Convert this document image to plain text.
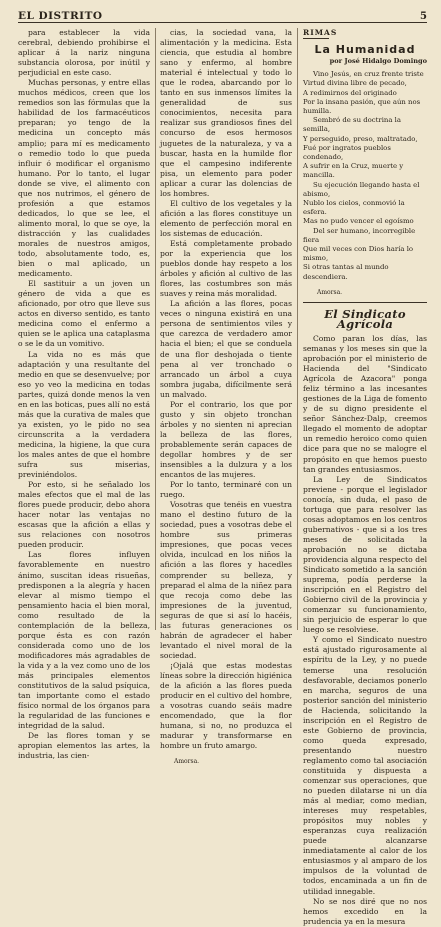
EL DISTRITO	5

para establecer la vida cerebral, debiendo prohibirse el aplicar á la nariz ninguna substancia olorosa, por inútil y perjudicial en este caso.

Muchas personas, y entre ellas muchos médicos, creen que los remedios son las fórmulas que la habilidad de los farmacéuticos preparan; yo tengo de la medicina un concepto más amplio; para mí es medicamento o remedio todo lo que pueda influir ó modificar el organismo humano. Por lo tanto, el lugar donde se vive, el alimento con que nos nutrimos, el género de profesión a que estamos dedicados, lo que se lee, el alimento moral, lo que se oye, la distracción y las cualidades morales de nuestros amigos, todo, absolutamente todo, es, bien o mal aplicado, un medicamento.

El sastituir a un joven un género de vida a que es aficionado, por otro que lleve sus actos en diverso sentido, es tanto medicina como el enfermo a quien se le aplica una cataplasma o se le da un vomitivo.

La vida no es más que adaptación y una resultante del medio en que se desenvuelve; por eso yo veo la medicina en todas partes, quizá donde menos la ven en en las boticas, pues allí no está más que la curativa de males que ya existen, yo le pido no sea circunscrita a la verdadera medicina, la higiene, la que cura los males antes de que el hombre sufra sus miserias, previniéndolos.

Por esto, si he señalado los males efectos que el mal de las flores puede producir, debo ahora hacer notar las ventajas no escasas que la afición a ellas y sus relaciones con nosotros pueden producir.

Las flores influyen favorablemente en nuestro ánimo, suscitan ideas risueñas, predisponen a la alegría y hacen elevar al mismo tiempo el pensamiento hacia el bien moral, como resultado de la contemplación de la belleza, porque ésta es con razón considerada como uno de los modificadores más agradables de la vida y a la vez como uno de los más principales elementos constitutivos de la salud psíquica, tan importante como el estado físico normal de los órganos para la regularidad de las funciones e integridad de la salud.

De las flores toman y se apropian elementos las artes, la industria, las cien-

cias, la sociedad vana, la alimentación y la medicina. Esta ciencia, que estudia al hombre sano y enfermo, al hombre material é intelectual y todo lo que le rodea, abarcando por lo tanto en sus inmensos límites la generalidad de sus conocimientos, necesita para realizar sus grandiosos fines del concurso de esos hermosos juguetes de la naturaleza, y va a buscar, hasta en la humilde flor que el campesino indiferente pisa, un elemento para poder aplicar a curar las dolencias de los hombres.

El cultivo de los vegetales y la afición a las flores constituye un elemento de perfección moral en los sistemas de educación.

Está completamente probado por la experiencia que los pueblos donde hay respeto a los árboles y afición al cultivo de las flores, las costumbres son más suaves y reina más moralidad.

La afición a las flores, pocas veces o ninguna existirá en una persona de sentimientos viles y que carezca de verdadero amor hacia el bien; el que se conduela de una flor deshojada o tiente pena al ver tronchado o arrancado un árbol a cuya sombra jugaba, difícilmente será un malvado.

Por el contrario, los que por gusto y sin objeto tronchan árboles y no sienten ni aprecian la belleza de las flores, probablemente serán capaces de degollar hombres y de ser insensibles a la dulzura y a los encantos de las mujeres.

Por lo tanto, terminaré con un ruego.

Vosotras que tenéis en vuestra mano el destino futuro de la sociedad, pues a vosotras debe el hombre sus primeras impresiones, que pocas veces olvida, inculcad en los niños la afición a las flores y hacedles comprender su belleza, y preparad el alma de la niñez para que recoja como debe las impresiones de la juventud, seguras de que si así lo hacéis, las futuras generaciones os habrán de agradecer el haber levantado el nivel moral de la sociedad.

¡Ojalá que estas modestas líneas sobre la dirección higiénica de la afición a las flores pueda producir en el cultivo del hombre, a vosotras cuando seáis madre encomendado, que la flor humana, si no, no produzca el madurar y transformarse en hombre un fruto amargo.

Amorsa.
RIMAS
La Humanidad
por José Hidalgo Domingo

Vino Jesús, en cruz frente triste

Virtud divina libre de pecado,

A redimirnos del originado

Por la insana pasión, que aún nos humilla.

Sembró de su doctrina la semilla,

Y perseguido, preso, maltratado,

Fué por ingratos pueblos condenado,

A sufrir en la Cruz, muerte y mancilla.

Su ejecución llegando hasta el abismo,

Nublo los cielos, conmovió la esfera.

Mas no pudo vencer el egoísmo

Del ser humano, incorregible fiera

Que mil veces con Dios haría lo mismo,

Si otras tantas al mundo descendiera.

Amorsa.
El Sindicato Agrícola

Como paran los días, las semanas y los meses sin que la aprobación por el ministerio de Hacienda del "Sindicato Agrícola de Azacora" ponga feliz término a las incesantes gestiones de la Liga de fomento y de su digno presidente el señor Sánchez-Dalp, creemos llegado el momento de adoptar un remedio heroico como quien dice para que no se malogre el propósito en que hemos puesto tan grandes entusiasmos.

La Ley de Sindicatos previene - porque el legislador conocía, sin duda, el paso de tortuga que para resolver las cosas adoptamos en los centros gubernativos - que si a los tres meses de solicitada la aprobación no se dictaba providencia alguna respecto del Sindicato sometido a la sanción suprema, podía perderse la inscripción en el Registro del Gobierno civil de la provincia y comenzar su funcionamiento, sin perjuicio de esperar lo que luego se resolviese.

Y como el Sindicato nuestro está ajustado rigurosamente al espíritu de la Ley, y no puede temerse una resolución desfavorable, deciamos ponerlo en marcha, seguros de una posterior sanción del ministerio de Hacienda, solicitando la inscripción en el Registro de este Gobierno de provincia, como queda expresado, presentando nuestro reglamento como tal asociación constituida y dispuesta a comenzar sus operaciones, que no pueden dilatarse ni un día más al mediar, como median, intereses muy respetables, propósitos muy nobles y esperanzas cuya realización puede alcanzarse inmediatamente al calor de los entusiasmos y al amparo de los impulsos de la voluntad de todos, encaminada a un fin de utilidad innegable.

No se nos diré que no nos hemos excedido en la prudencia ya en la mesura
